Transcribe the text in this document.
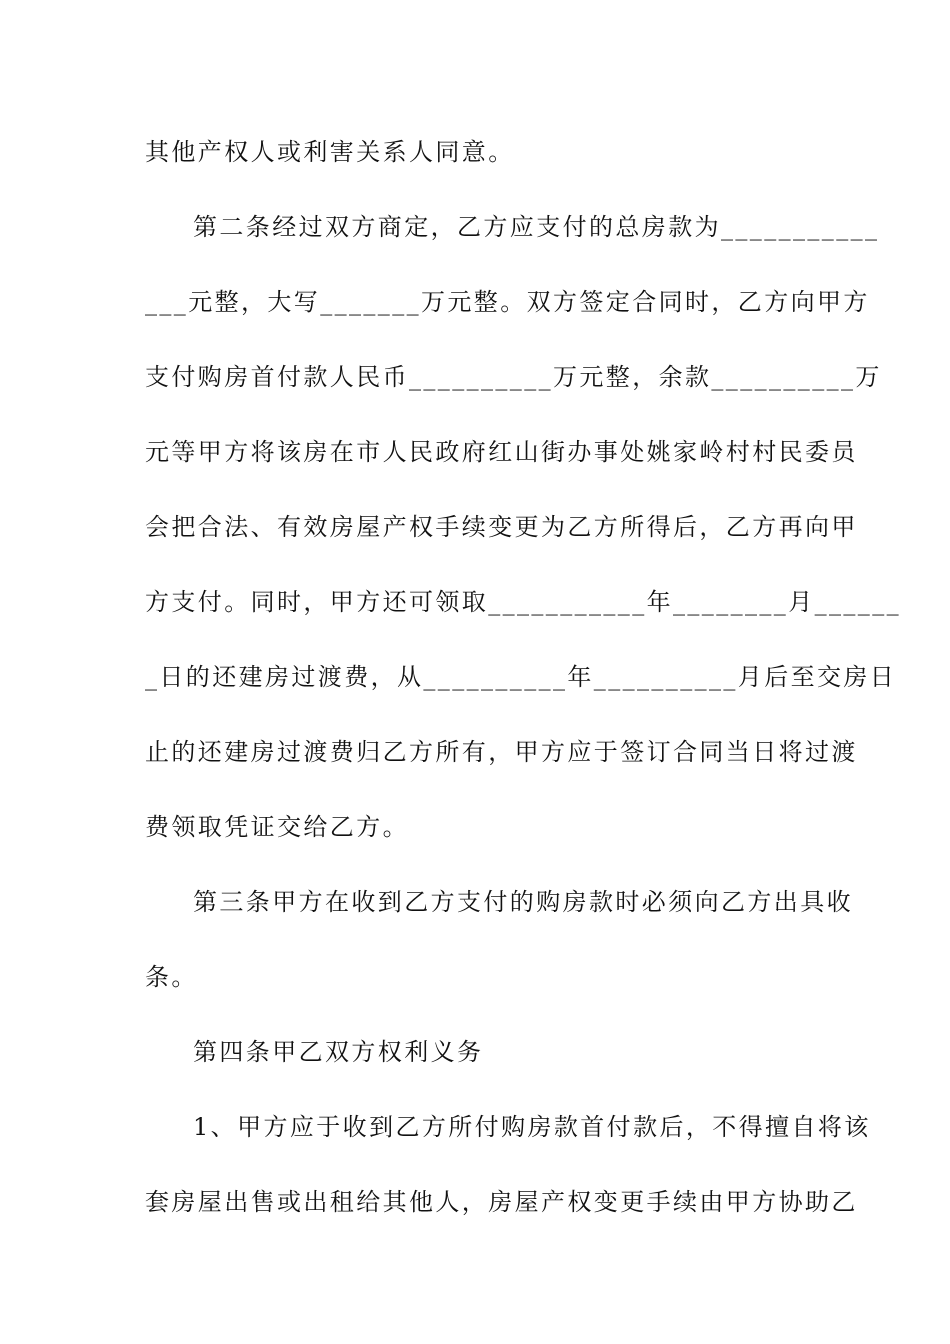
其他产权人或利害关系人同意。

第二条经过双方商定，乙方应支付的总房款为___________

___元整，大写_______万元整。双方签定合同时，乙方向甲方

支付购房首付款人民币__________万元整，余款__________万

元等甲方将该房在市人民政府红山街办事处姚家岭村村民委员

会把合法、有效房屋产权手续变更为乙方所得后，乙方再向甲

方支付。同时，甲方还可领取___________年________月______

_日的还建房过渡费，从__________年__________月后至交房日

止的还建房过渡费归乙方所有，甲方应于签订合同当日将过渡

费领取凭证交给乙方。

第三条甲方在收到乙方支付的购房款时必须向乙方出具收

条。

第四条甲乙双方权利义务

1、甲方应于收到乙方所付购房款首付款后，不得擅自将该

套房屋出售或出租给其他人，房屋产权变更手续由甲方协助乙
